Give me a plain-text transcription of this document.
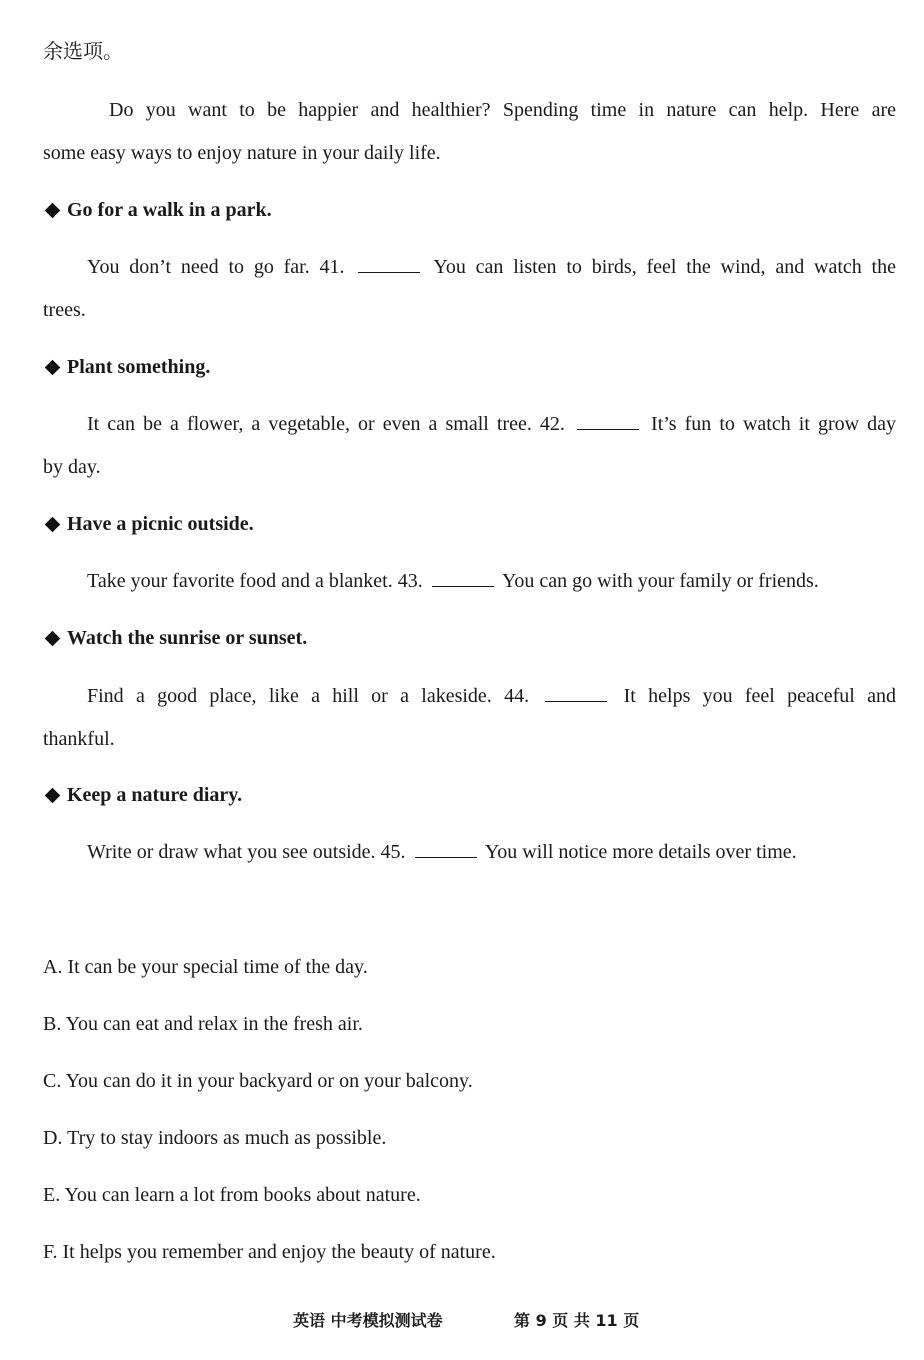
余选项。
Do you want to be happier and healthier? Spending time in nature can help. Here are
some easy ways to enjoy nature in your daily life.
Go for a walk in a park.
You don’t need to go far. 41.	You can listen to birds, feel the wind, and watch the
trees.
Plant something.
It can be a flower, a vegetable, or even a small tree. 42.	It’s fun to watch it grow day
by day.
Have a picnic outside.
Take your favorite food and a blanket. 43.	You can go with your family or friends.
Watch the sunrise or sunset.
Find a good place, like a hill or a lakeside. 44.	It helps you feel peaceful and
thankful.
Keep a nature diary.
Write or draw what you see outside. 45.	You will notice more details over time.
A. It can be your special time of the day.
B. You can eat and relax in the fresh air.
C. You can do it in your backyard or on your balcony.
D. Try to stay indoors as much as possible.
E. You can learn a lot from books about nature.
F. It helps you remember and enjoy the beauty of nature.
英语 中考模拟测试卷	第 9 页 共 11 页
